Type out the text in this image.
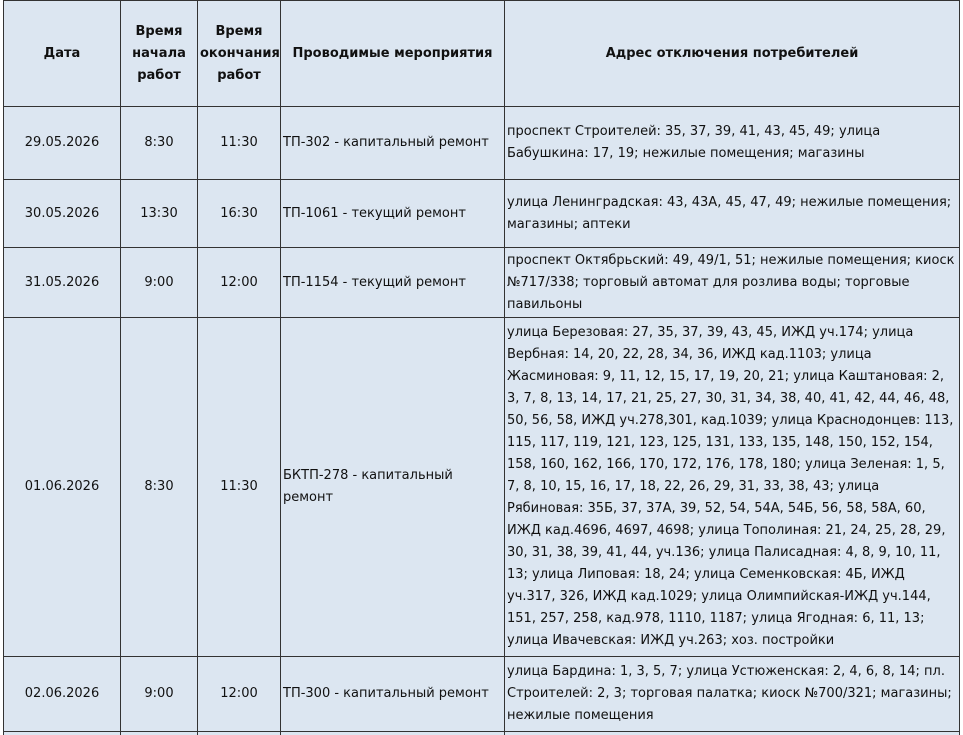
Дата	Время начала работ	Время окончания работ	Проводимые мероприятия	Адрес отключения потребителей
29.05.2026	8:30	11:30	ТП-302 - капитальный ремонт	проспект Строителей: 35, 37, 39, 41, 43, 45, 49; улица Бабушкина: 17, 19; нежилые помещения; магазины
30.05.2026	13:30	16:30	ТП-1061 - текущий ремонт	улица Ленинградская: 43, 43А, 45, 47, 49; нежилые помещения; магазины; аптеки
31.05.2026	9:00	12:00	ТП-1154 - текущий ремонт	проспект Октябрьский: 49, 49/1, 51; нежилые помещения; киоск №717/338; торговый автомат для розлива воды; торговые павильоны
01.06.2026	8:30	11:30	БКТП-278 - капитальный ремонт	улица Березовая: 27, 35, 37, 39, 43, 45, ИЖД уч.174; улица Вербная: 14, 20, 22, 28, 34, 36, ИЖД кад.1103; улица Жасминовая: 9, 11, 12, 15, 17, 19, 20, 21; улица Каштановая: 2, 3, 7, 8, 13, 14, 17, 21, 25, 27, 30, 31, 34, 38, 40, 41, 42, 44, 46, 48, 50, 56, 58, ИЖД уч.278,301, кад.1039; улица Краснодонцев: 113, 115, 117, 119, 121, 123, 125, 131, 133, 135, 148, 150, 152, 154, 158, 160, 162, 166, 170, 172, 176, 178, 180; улица Зеленая: 1, 5, 7, 8, 10, 15, 16, 17, 18, 22, 26, 29, 31, 33, 38, 43; улица Рябиновая: 35Б, 37, 37А, 39, 52, 54, 54А, 54Б, 56, 58, 58А, 60, ИЖД кад.4696, 4697, 4698; улица Тополиная: 21, 24, 25, 28, 29, 30, 31, 38, 39, 41, 44, уч.136; улица Палисадная: 4, 8, 9, 10, 11, 13; улица Липовая: 18, 24; улица Семенковская: 4Б, ИЖД уч.317, 326, ИЖД кад.1029; улица Олимпийская-ИЖД уч.144, 151, 257, 258, кад.978, 1110, 1187; улица Ягодная: 6, 11, 13; улица Ивачевская: ИЖД уч.263; хоз. постройки
02.06.2026	9:00	12:00	ТП-300 - капитальный ремонт	улица Бардина: 1, 3, 5, 7; улица Устюженская: 2, 4, 6, 8, 14; пл. Строителей: 2, 3; торговая палатка; киоск №700/321; магазины; нежилые помещения
